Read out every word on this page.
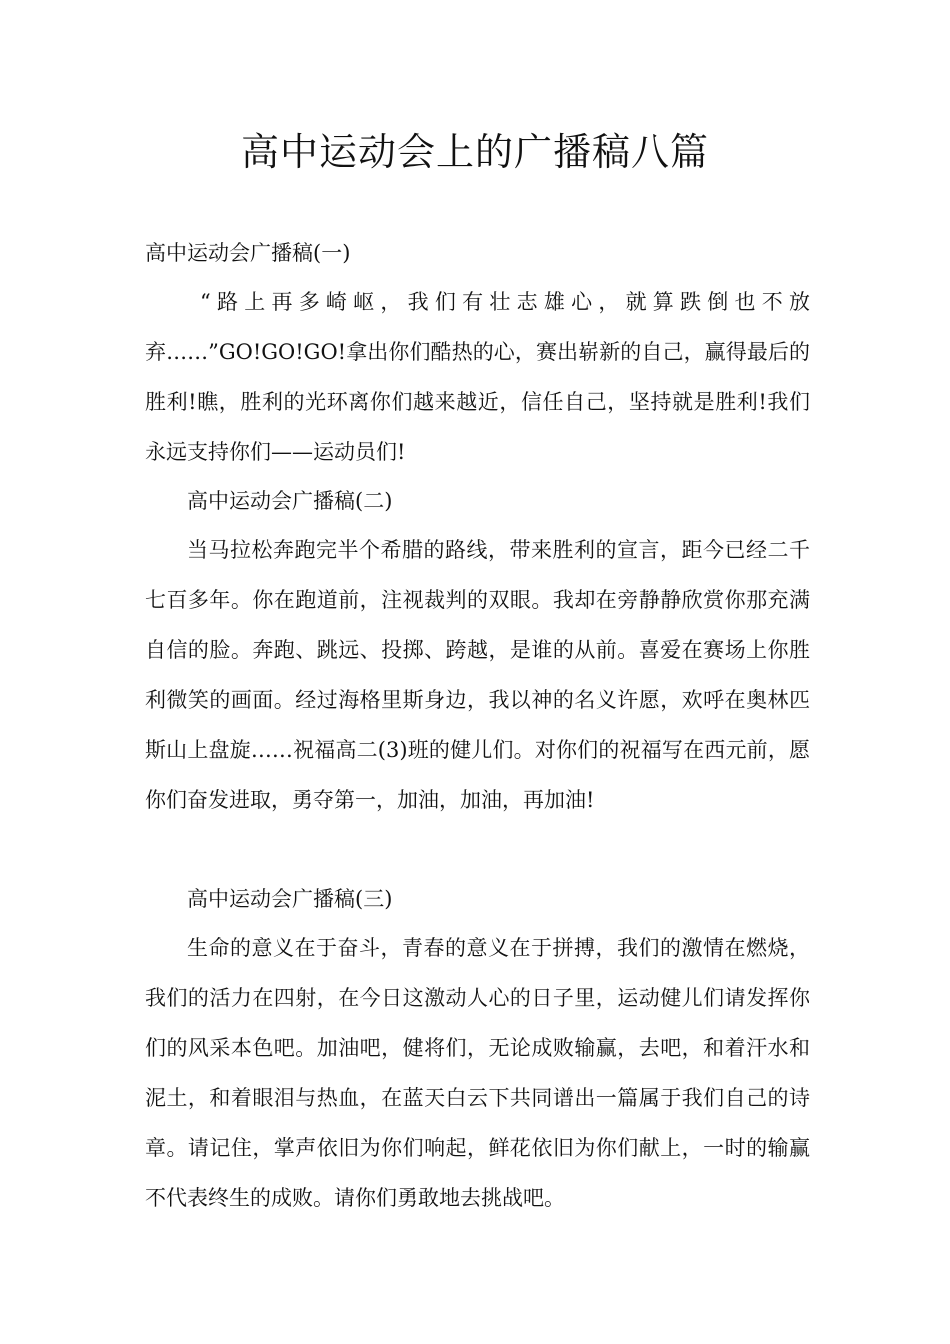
高中运动会上的广播稿八篇

高中运动会广播稿(一)

“路上再多崎岖，我们有壮志雄心，就算跌倒也不放弃……”GO!GO!GO!拿出你们酷热的心，赛出崭新的自己，赢得最后的胜利!瞧，胜利的光环离你们越来越近，信任自己，坚持就是胜利!我们永远支持你们——运动员们!

高中运动会广播稿(二)

当马拉松奔跑完半个希腊的路线，带来胜利的宣言，距今已经二千七百多年。你在跑道前，注视裁判的双眼。我却在旁静静欣赏你那充满自信的脸。奔跑、跳远、投掷、跨越，是谁的从前。喜爱在赛场上你胜利微笑的画面。经过海格里斯身边，我以神的名义许愿，欢呼在奥林匹斯山上盘旋……祝福高二(3)班的健儿们。对你们的祝福写在西元前，愿你们奋发进取，勇夺第一，加油，加油，再加油!

高中运动会广播稿(三)

生命的意义在于奋斗，青春的意义在于拼搏，我们的激情在燃烧，我们的活力在四射，在今日这激动人心的日子里，运动健儿们请发挥你们的风采本色吧。加油吧，健将们，无论成败输赢，去吧，和着汗水和泥土，和着眼泪与热血，在蓝天白云下共同谱出一篇属于我们自己的诗章。请记住，掌声依旧为你们响起，鲜花依旧为你们献上，一时的输赢不代表终生的成败。请你们勇敢地去挑战吧。
